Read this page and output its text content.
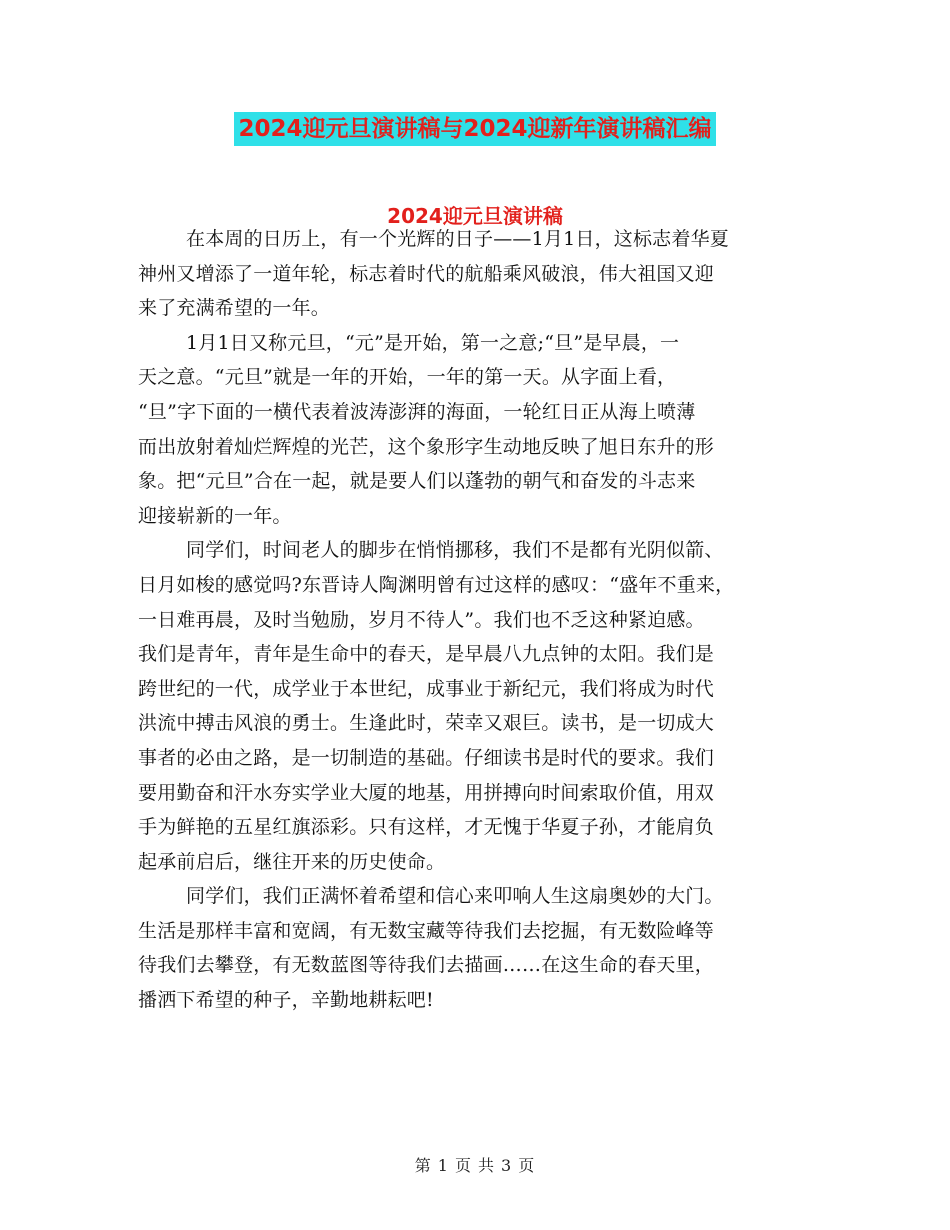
2024迎元旦演讲稿与2024迎新年演讲稿汇编
2024迎元旦演讲稿
在本周的日历上，有一个光辉的日子——1月1日，这标志着华夏
神州又增添了一道年轮，标志着时代的航船乘风破浪，伟大祖国又迎
来了充满希望的一年。
1月1日又称元旦，“元”是开始，第一之意;“旦”是早晨，一
天之意。“元旦”就是一年的开始，一年的第一天。从字面上看，
“旦”字下面的一横代表着波涛澎湃的海面，一轮红日正从海上喷薄
而出放射着灿烂辉煌的光芒，这个象形字生动地反映了旭日东升的形
象。把“元旦”合在一起，就是要人们以蓬勃的朝气和奋发的斗志来
迎接崭新的一年。
同学们，时间老人的脚步在悄悄挪移，我们不是都有光阴似箭、
日月如梭的感觉吗?东晋诗人陶渊明曾有过这样的感叹：“盛年不重来，
一日难再晨，及时当勉励，岁月不待人”。我们也不乏这种紧迫感。
我们是青年，青年是生命中的春天，是早晨八九点钟的太阳。我们是
跨世纪的一代，成学业于本世纪，成事业于新纪元，我们将成为时代
洪流中搏击风浪的勇士。生逢此时，荣幸又艰巨。读书，是一切成大
事者的必由之路，是一切制造的基础。仔细读书是时代的要求。我们
要用勤奋和汗水夯实学业大厦的地基，用拼搏向时间索取价值，用双
手为鲜艳的五星红旗添彩。只有这样，才无愧于华夏子孙，才能肩负
起承前启后，继往开来的历史使命。
同学们，我们正满怀着希望和信心来叩响人生这扇奥妙的大门。
生活是那样丰富和宽阔，有无数宝藏等待我们去挖掘，有无数险峰等
待我们去攀登，有无数蓝图等待我们去描画……在这生命的春天里，
播洒下希望的种子，辛勤地耕耘吧!
第 1 页 共 3 页
